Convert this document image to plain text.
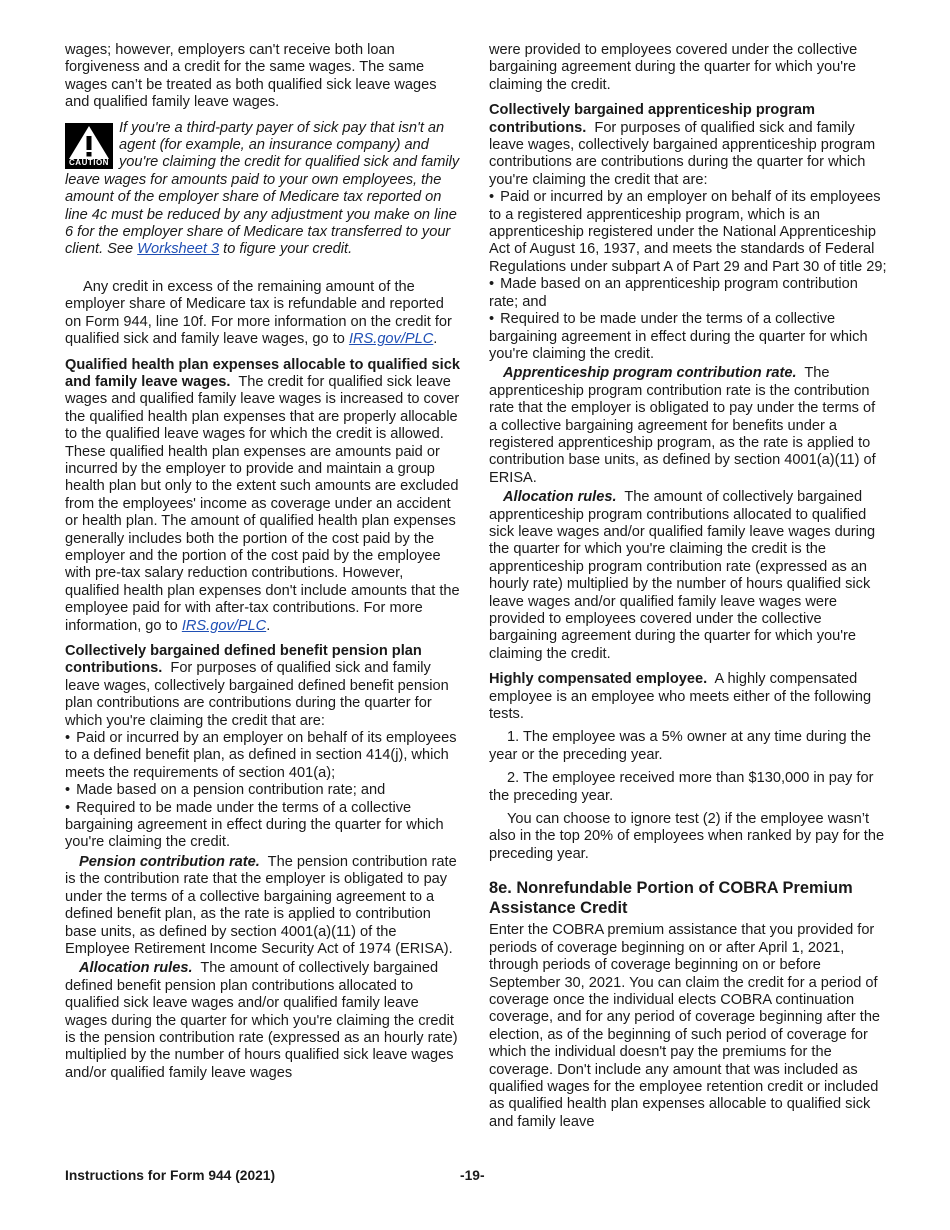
wages; however, employers can't receive both loan forgiveness and a credit for the same wages. The same wages can’t be treated as both qualified sick leave wages and qualified family leave wages.

CAUTION
If you're a third-party payer of sick pay that isn't an agent (for example, an insurance company) and you're claiming the credit for qualified sick and family leave wages for amounts paid to your own employees, the amount of the employer share of Medicare tax reported on line 4c must be reduced by any adjustment you make on line 6 for the employer share of Medicare tax transferred to your client. See Worksheet 3 to figure your credit.

Any credit in excess of the remaining amount of the employer share of Medicare tax is refundable and reported on Form 944, line 10f. For more information on the credit for qualified sick and family leave wages, go to IRS.gov/PLC.

Qualified health plan expenses allocable to qualified sick and family leave wages. The credit for qualified sick leave wages and qualified family leave wages is increased to cover the qualified health plan expenses that are properly allocable to the qualified leave wages for which the credit is allowed. These qualified health plan expenses are amounts paid or incurred by the employer to provide and maintain a group health plan but only to the extent such amounts are excluded from the employees' income as coverage under an accident or health plan. The amount of qualified health plan expenses generally includes both the portion of the cost paid by the employer and the portion of the cost paid by the employee with pre-tax salary reduction contributions. However, qualified health plan expenses don't include amounts that the employee paid for with after-tax contributions. For more information, go to IRS.gov/PLC.

Collectively bargained defined benefit pension plan contributions. For purposes of qualified sick and family leave wages, collectively bargained defined benefit pension plan contributions are contributions during the quarter for which you're claiming the credit that are:

• Paid or incurred by an employer on behalf of its employees to a defined benefit plan, as defined in section 414(j), which meets the requirements of section 401(a);

• Made based on a pension contribution rate; and

• Required to be made under the terms of a collective bargaining agreement in effect during the quarter for which you're claiming the credit.

Pension contribution rate. The pension contribution rate is the contribution rate that the employer is obligated to pay under the terms of a collective bargaining agreement to a defined benefit plan, as the rate is applied to contribution base units, as defined by section 4001(a)(11) of the Employee Retirement Income Security Act of 1974 (ERISA).

Allocation rules. The amount of collectively bargained defined benefit pension plan contributions allocated to qualified sick leave wages and/or qualified family leave wages during the quarter for which you're claiming the credit is the pension contribution rate (expressed as an hourly rate) multiplied by the number of hours qualified sick leave wages and/or qualified family leave wages

were provided to employees covered under the collective bargaining agreement during the quarter for which you're claiming the credit.

Collectively bargained apprenticeship program contributions. For purposes of qualified sick and family leave wages, collectively bargained apprenticeship program contributions are contributions during the quarter for which you're claiming the credit that are:

• Paid or incurred by an employer on behalf of its employees to a registered apprenticeship program, which is an apprenticeship registered under the National Apprenticeship Act of August 16, 1937, and meets the standards of Federal Regulations under subpart A of Part 29 and Part 30 of title 29;

• Made based on an apprenticeship program contribution rate; and

• Required to be made under the terms of a collective bargaining agreement in effect during the quarter for which you're claiming the credit.

Apprenticeship program contribution rate. The apprenticeship program contribution rate is the contribution rate that the employer is obligated to pay under the terms of a collective bargaining agreement for benefits under a registered apprenticeship program, as the rate is applied to contribution base units, as defined by section 4001(a)(11) of ERISA.

Allocation rules. The amount of collectively bargained apprenticeship program contributions allocated to qualified sick leave wages and/or qualified family leave wages during the quarter for which you're claiming the credit is the apprenticeship program contribution rate (expressed as an hourly rate) multiplied by the number of hours qualified sick leave wages and/or qualified family leave wages were provided to employees covered under the collective bargaining agreement during the quarter for which you're claiming the credit.

Highly compensated employee. A highly compensated employee is an employee who meets either of the following tests.

1. The employee was a 5% owner at any time during the year or the preceding year.

2. The employee received more than $130,000 in pay for the preceding year.

You can choose to ignore test (2) if the employee wasn’t also in the top 20% of employees when ranked by pay for the preceding year.

8e. Nonrefundable Portion of COBRA Premium Assistance Credit

Enter the COBRA premium assistance that you provided for periods of coverage beginning on or after April 1, 2021, through periods of coverage beginning on or before September 30, 2021. You can claim the credit for a period of coverage once the individual elects COBRA continuation coverage, and for any period of coverage beginning after the election, as of the beginning of such period of coverage for which the individual doesn't pay the premiums for the coverage. Don't include any amount that was included as qualified wages for the employee retention credit or included as qualified health plan expenses allocable to qualified sick and family leave

Instructions for Form 944 (2021)	-19-
